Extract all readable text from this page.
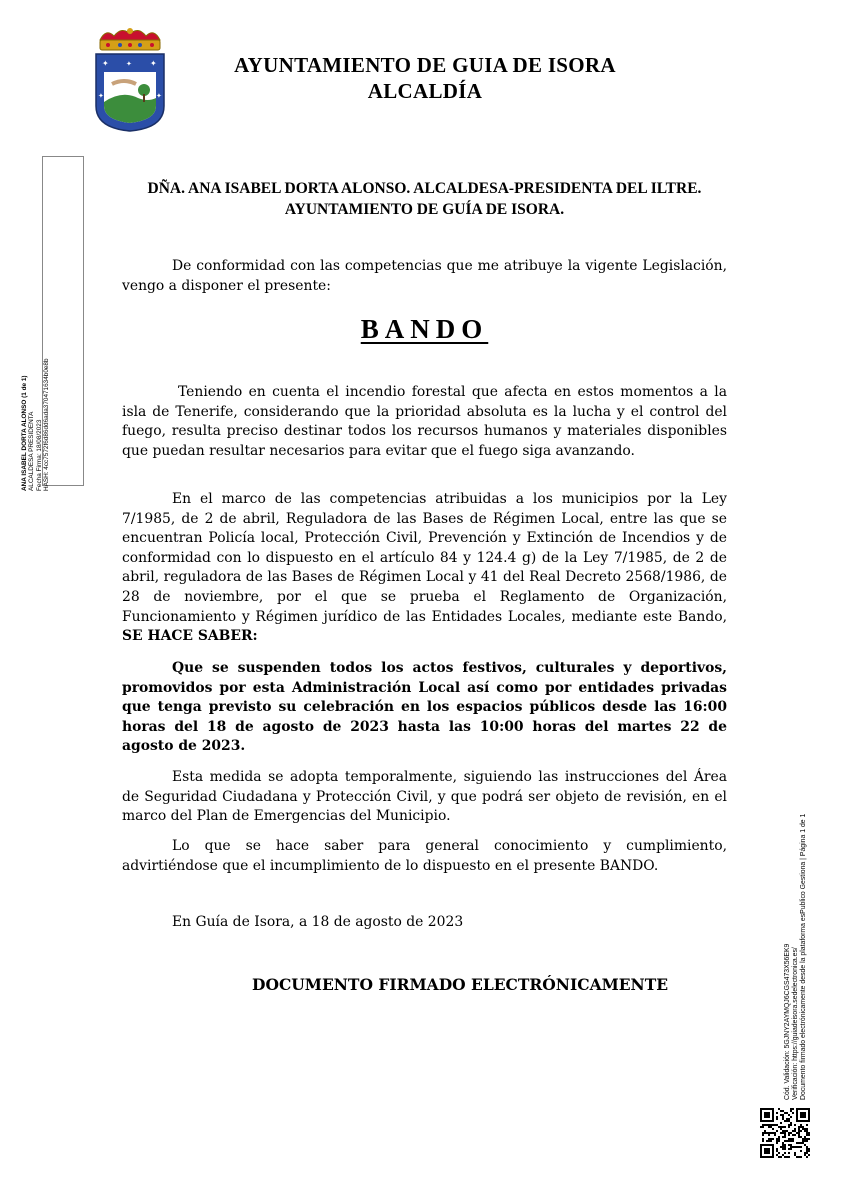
✦	✦
✦	✦
✦	AYUNTAMIENTO DE GUIA DE ISORA
ALCALDÍA
ANA ISABEL DORTA ALONSO (1 de 1) ALCALDESA PRESIDENTA Fecha Firma: 18/08/2023 HASH: 4cc7572f6d86dd6ada370471634b0e8b
DÑA. ANA ISABEL DORTA ALONSO. ALCALDESA-PRESIDENTA DEL ILTRE.
AYUNTAMIENTO DE GUÍA DE ISORA.
De conformidad con las competencias que me atribuye la vigente Legislación, vengo a disponer el presente:
BANDO
Teniendo en cuenta el incendio forestal que afecta en estos momentos a la isla de Tenerife, considerando que la prioridad absoluta es la lucha y el control del fuego, resulta preciso destinar todos los recursos humanos y materiales disponibles que puedan resultar necesarios para evitar que el fuego siga avanzando.
En el marco de las competencias atribuidas a los municipios por la Ley 7/1985, de 2 de abril, Reguladora de las Bases de Régimen Local, entre las que se encuentran Policía local, Protección Civil, Prevención y Extinción de Incendios y de conformidad con lo dispuesto en el artículo 84 y 124.4 g) de la Ley 7/1985, de 2 de abril, reguladora de las Bases de Régimen Local y 41 del Real Decreto 2568/1986, de 28 de noviembre, por el que se prueba el Reglamento de Organización, Funcionamiento y Régimen jurídico de las Entidades Locales, mediante este Bando, SE HACE SABER:
Que se suspenden todos los actos festivos, culturales y deportivos, promovidos por esta Administración Local así como por entidades privadas que tenga previsto su celebración en los espacios públicos desde las 16:00 horas del 18 de agosto de 2023 hasta las 10:00 horas del martes 22 de agosto de 2023.
Esta medida se adopta temporalmente, siguiendo las instrucciones del Área de Seguridad Ciudadana y Protección Civil, y que podrá ser objeto de revisión, en el marco del Plan de Emergencias del Municipio.
Lo que se hace saber para general conocimiento y cumplimiento, advirtiéndose que el incumplimiento de lo dispuesto en el presente BANDO.
En Guía de Isora, a 18 de agosto de 2023
DOCUMENTO FIRMADO ELECTRÓNICAMENTE	Cód. Validación: 5GJNY2AYMQJ6CGS473X56EK9 Verificación: https://guiadeisora.sedelectronica.es/ Documento firmado electrónicamente desde la plataforma esPublico Gestiona | Página 1 de 1
